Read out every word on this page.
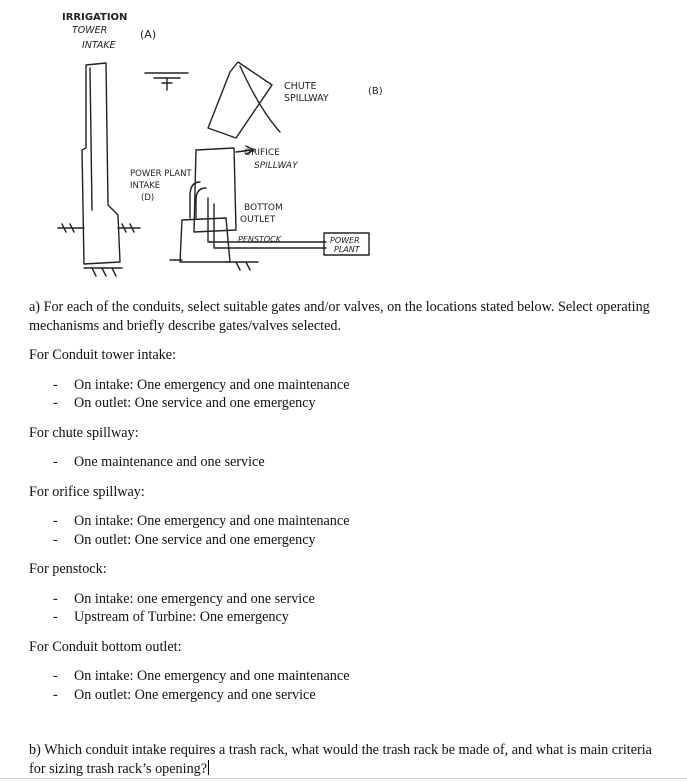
IRRIGATION
TOWER
INTAKE
(A)
CHUTE
SPILLWAY
(B)
ORIFICE
SPILLWAY
POWER PLANT
INTAKE
(D)
BOTTOM
OUTLET
PENSTOCK	POWER
PLANT

a) For each of the conduits, select suitable gates and/or valves, on the locations stated below. Select operating mechanisms and briefly describe gates/valves selected.

For Conduit tower intake:

- On intake: One emergency and one maintenance
- On outlet: One service and one emergency

For chute spillway:

- One maintenance and one service

For orifice spillway:

- On intake: One emergency and one maintenance
- On outlet: One service and one emergency

For penstock:

- On intake: one emergency and one service
- Upstream of Turbine: One emergency

For Conduit bottom outlet:

- On intake: One emergency and one maintenance
- On outlet: One emergency and one service

b) Which conduit intake requires a trash rack, what would the trash rack be made of, and what is main criteria for sizing trash rack’s opening?
